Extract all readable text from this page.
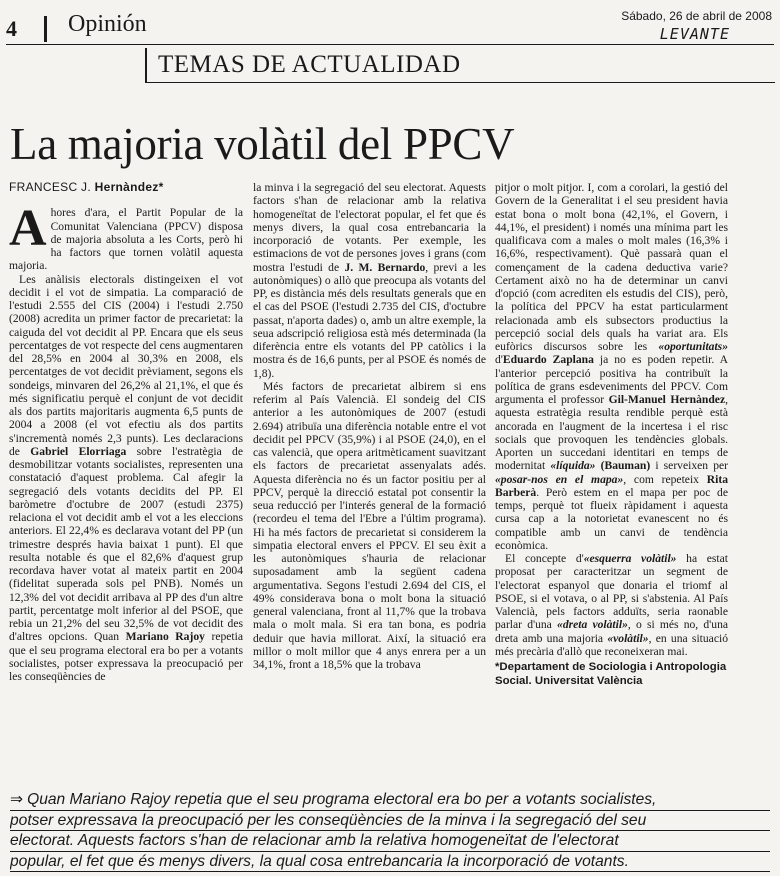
4 Opinión	Sábado, 26 de abril de 2008
LEVANTE
TEMAS DE ACTUALIDAD
La majoria volàtil del PPCV
FRANCESC J. Hernàndez*

Ahores d'ara, el Partit Popular de la Comunitat Valenciana (PPCV) disposa de majoria absoluta a les Corts, però hi ha factors que tornen volàtil aquesta majoria.

Les anàlisis electorals distingeixen el vot decidit i el vot de simpatia. La comparació de l'estudi 2.555 del CIS (2004) i l'estudi 2.750 (2008) acredita un primer factor de precarietat: la caiguda del vot decidit al PP. Encara que els seus percentatges de vot respecte del cens augmentaren del 28,5% en 2004 al 30,3% en 2008, els percentatges de vot decidit prèviament, segons els sondeigs, minvaren del 26,2% al 21,1%, el que és més significatiu perquè el conjunt de vot decidit als dos partits majoritaris augmenta 6,5 punts de 2004 a 2008 (el vot efectiu als dos partits s'incrementà només 2,3 punts). Les declaracions de Gabriel Elorriaga sobre l'estratègia de desmobilitzar votants socialistes, representen una constatació d'aquest problema. Cal afegir la segregació dels votants decidits del PP. El baròmetre d'octubre de 2007 (estudi 2375) relaciona el vot decidit amb el vot a les eleccions anteriors. El 22,4% es declarava votant del PP (un trimestre després havia baixat 1 punt). El que resulta notable és que el 82,6% d'aquest grup recordava haver votat al mateix partit en 2004 (fidelitat superada sols pel PNB). Només un 12,3% del vot decidit arribava al PP des d'un altre partit, percentatge molt inferior al del PSOE, que rebia un 21,2% del seu 32,5% de vot decidit des d'altres opcions. Quan Mariano Rajoy repetia que el seu programa electoral era bo per a votants socialistes, potser expressava la preocupació per les conseqüències de

la minva i la segregació del seu electorat. Aquests factors s'han de relacionar amb la relativa homogeneïtat de l'electorat popular, el fet que és menys divers, la qual cosa entrebancaria la incorporació de votants. Per exemple, les estimacions de vot de persones joves i grans (com mostra l'estudi de J. M. Bernardo, previ a les autonòmiques) o allò que preocupa als votants del PP, es distància més dels resultats generals que en el cas del PSOE (l'estudi 2.735 del CIS, d'octubre passat, n'aporta dades) o, amb un altre exemple, la seua adscripció religiosa està més determinada (la diferència entre els votants del PP catòlics i la mostra és de 16,6 punts, per al PSOE és només de 1,8).

Més factors de precarietat albirem si ens referim al País Valencià. El sondeig del CIS anterior a les autonòmiques de 2007 (estudi 2.694) atribuïa una diferència notable entre el vot decidit pel PPCV (35,9%) i al PSOE (24,0), en el cas valencià, que opera aritmèticament suavitzant els factors de precarietat assenyalats adés. Aquesta diferència no és un factor positiu per al PPCV, perquè la direcció estatal pot consentir la seua reducció per l'interés general de la formació (recordeu el tema del l'Ebre a l'últim programa). Hi ha més factors de precarietat si considerem la simpatia electoral envers el PPCV. El seu èxit a les autonòmiques s'hauria de relacionar suposadament amb la següent cadena argumentativa. Segons l'estudi 2.694 del CIS, el 49% considerava bona o molt bona la situació general valenciana, front al 11,7% que la trobava mala o molt mala. Si era tan bona, es podria deduir que havia millorat. Així, la situació era millor o molt millor que 4 anys enrera per a un 34,1%, front a 18,5% que la trobava

pitjor o molt pitjor. I, com a corolari, la gestió del Govern de la Generalitat i el seu president havia estat bona o molt bona (42,1%, el Govern, i 44,1%, el president) i només una mínima part les qualificava com a males o molt males (16,3% i 16,6%, respectivament). Què passarà quan el començament de la cadena deductiva varie? Certament això no ha de determinar un canvi d'opció (com acrediten els estudis del CIS), però, la política del PPCV ha estat particularment relacionada amb els subsectors productius la percepció social dels quals ha variat ara. Els eufòrics discursos sobre les «oportunitats» d'Eduardo Zaplana ja no es poden repetir. A l'anterior percepció positiva ha contribuït la política de grans esdeveniments del PPCV. Com argumenta el professor Gil-Manuel Hernàndez, aquesta estratègia resulta rendible perquè està ancorada en l'augment de la incertesa i el risc socials que provoquen les tendències globals. Aporten un succedani identitari en temps de modernitat «líquida» (Bauman) i serveixen per «posar-nos en el mapa», com repeteix Rita Barberà. Però estem en el mapa per poc de temps, perquè tot flueix ràpidament i aquesta cursa cap a la notorietat evanescent no és compatible amb un canvi de tendència econòmica.

El concepte d'«esquerra volàtil» ha estat proposat per caracteritzar un segment de l'electorat espanyol que donaria el triomf al PSOE, si el votava, o al PP, si s'abstenia. Al País Valencià, pels factors adduïts, seria raonable parlar d'una «dreta volàtil», o si més no, d'una dreta amb una majoria «volàtil», en una situació més precària d'allò que reconeixeran mai.

*Departament de Sociologia i Antropologia Social. Universitat València
⇒ Quan Mariano Rajoy repetia que el seu programa electoral era bo per a votants socialistes,
potser expressava la preocupació per les conseqüències de la minva i la segregació del seu
electorat. Aquests factors s'han de relacionar amb la relativa homogeneïtat de l'electorat
popular, el fet que és menys divers, la qual cosa entrebancaria la incorporació de votants.
